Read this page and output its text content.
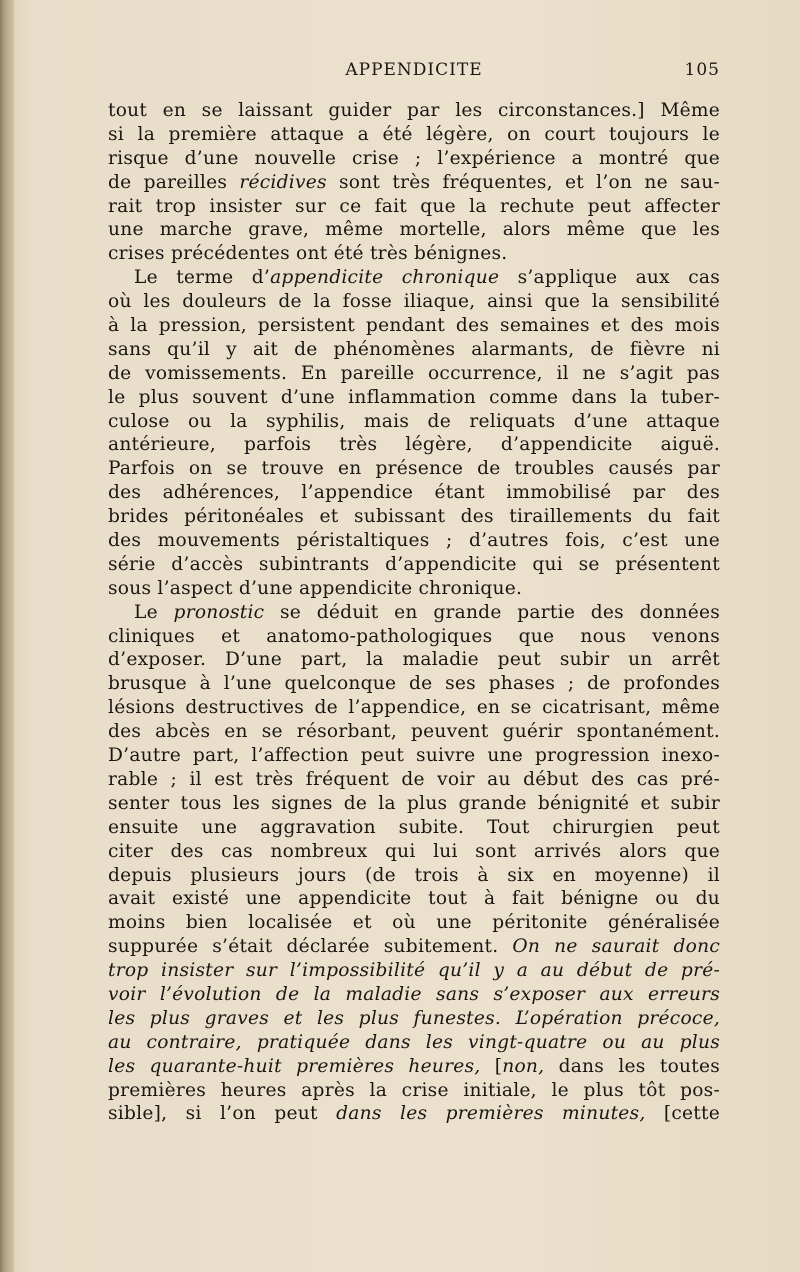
APPENDICITE	105
tout en se laissant guider par les circonstances.] Même
si la première attaque a été légère, on court toujours le
risque d’une nouvelle crise ; l’expérience a montré que
de pareilles récidives sont très fréquentes, et l’on ne sau-
rait trop insister sur ce fait que la rechute peut affecter
une marche grave, même mortelle, alors même que les
crises précédentes ont été très bénignes.
Le terme d’appendicite chronique s’applique aux cas
où les douleurs de la fosse iliaque, ainsi que la sensibilité
à la pression, persistent pendant des semaines et des mois
sans qu’il y ait de phénomènes alarmants, de fièvre ni
de vomissements. En pareille occurrence, il ne s’agit pas
le plus souvent d’une inflammation comme dans la tuber-
culose ou la syphilis, mais de reliquats d’une attaque
antérieure, parfois très légère, d’appendicite aiguë.
Parfois on se trouve en présence de troubles causés par
des adhérences, l’appendice étant immobilisé par des
brides péritonéales et subissant des tiraillements du fait
des mouvements péristaltiques ; d’autres fois, c’est une
série d’accès subintrants d’appendicite qui se présentent
sous l’aspect d’une appendicite chronique.
Le pronostic se déduit en grande partie des données
cliniques et anatomo-pathologiques que nous venons
d’exposer. D’une part, la maladie peut subir un arrêt
brusque à l’une quelconque de ses phases ; de profondes
lésions destructives de l’appendice, en se cicatrisant, même
des abcès en se résorbant, peuvent guérir spontanément.
D’autre part, l’affection peut suivre une progression inexo-
rable ; il est très fréquent de voir au début des cas pré-
senter tous les signes de la plus grande bénignité et subir
ensuite une aggravation subite. Tout chirurgien peut
citer des cas nombreux qui lui sont arrivés alors que
depuis plusieurs jours (de trois à six en moyenne) il
avait existé une appendicite tout à fait bénigne ou du
moins bien localisée et où une péritonite généralisée
suppurée s’était déclarée subitement. On ne saurait donc
trop insister sur l’impossibilité qu’il y a au début de pré-
voir l’évolution de la maladie sans s’exposer aux erreurs
les plus graves et les plus funestes. L’opération précoce,
au contraire, pratiquée dans les vingt-quatre ou au plus
les quarante-huit premières heures, [non, dans les toutes
premières heures après la crise initiale, le plus tôt pos-
sible], si l’on peut dans les premières minutes, [cette
